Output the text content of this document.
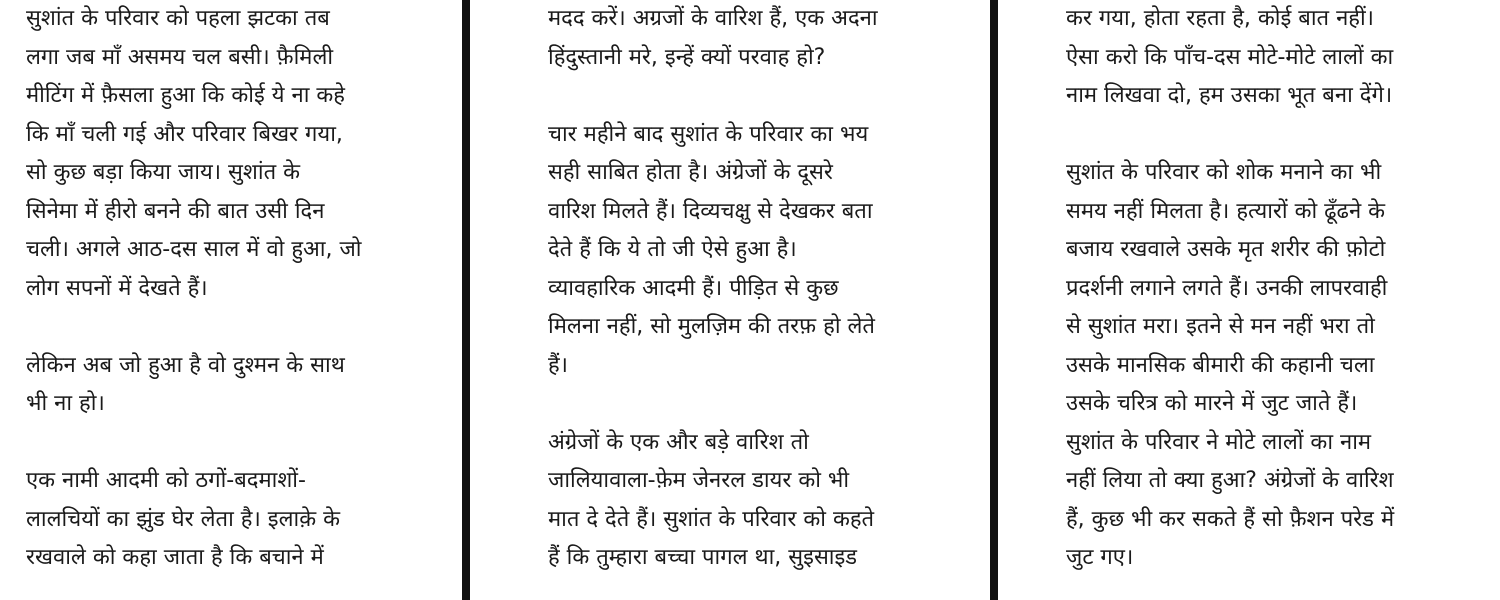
सुशांत के परिवार को पहला झटका तब
लगा जब माँ असमय चल बसी। फ़ैमिली
मीटिंग में फ़ैसला हुआ कि कोई ये ना कहे
कि माँ चली गई और परिवार बिखर गया,
सो कुछ बड़ा किया जाय। सुशांत के
सिनेमा में हीरो बनने की बात उसी दिन
चली। अगले आठ-दस साल में वो हुआ, जो
लोग सपनों में देखते हैं।
लेकिन अब जो हुआ है वो दुश्मन के साथ
भी ना हो।
एक नामी आदमी को ठगों-बदमाशों-
लालचियों का झुंड घेर लेता है। इलाक़े के
रखवाले को कहा जाता है कि बचाने में
मदद करें। अग्रजों के वारिश हैं, एक अदना
हिंदुस्तानी मरे, इन्हें क्यों परवाह हो?
चार महीने बाद सुशांत के परिवार का भय
सही साबित होता है। अंग्रेजों के दूसरे
वारिश मिलते हैं। दिव्यचक्षु से देखकर बता
देते हैं कि ये तो जी ऐसे हुआ है।
व्यावहारिक आदमी हैं। पीड़ित से कुछ
मिलना नहीं, सो मुलज़िम की तरफ़ हो लेते
हैं।
अंग्रेजों के एक और बड़े वारिश तो
जालियावाला-फ़ेम जेनरल डायर को भी
मात दे देते हैं। सुशांत के परिवार को कहते
हैं कि तुम्हारा बच्चा पागल था, सुइसाइड
कर गया, होता रहता है, कोई बात नहीं।
ऐसा करो कि पाँच-दस मोटे-मोटे लालों का
नाम लिखवा दो, हम उसका भूत बना देंगे।
सुशांत के परिवार को शोक मनाने का भी
समय नहीं मिलता है। हत्यारों को ढूँढने के
बजाय रखवाले उसके मृत शरीर की फ़ोटो
प्रदर्शनी लगाने लगते हैं। उनकी लापरवाही
से सुशांत मरा। इतने से मन नहीं भरा तो
उसके मानसिक बीमारी की कहानी चला
उसके चरित्र को मारने में जुट जाते हैं।
सुशांत के परिवार ने मोटे लालों का नाम
नहीं लिया तो क्या हुआ? अंग्रेजों के वारिश
हैं, कुछ भी कर सकते हैं सो फ़ैशन परेड में
जुट गए।
